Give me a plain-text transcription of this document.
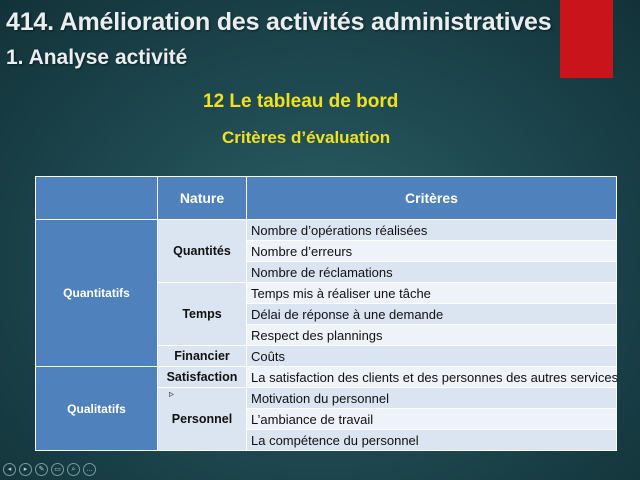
414. Amélioration des activités administratives
1. Analyse activité
12 Le tableau de bord
Critères d’évaluation
	Nature	Critères
Quantitatifs	Quantités	Nombre d’opérations réalisées
		Nombre d’erreurs
		Nombre de réclamations
	Temps	Temps mis à réaliser une tâche
		Délai de réponse à une demande
		Respect des plannings
	Financier	Coûts
Qualitatifs	Satisfaction	La satisfaction des clients et des personnes des autres services
	Personnel	Motivation du personnel
		L’ambiance de travail
		La compétence du personnel
▹
◂	▸	✎	▭	⌕	…
